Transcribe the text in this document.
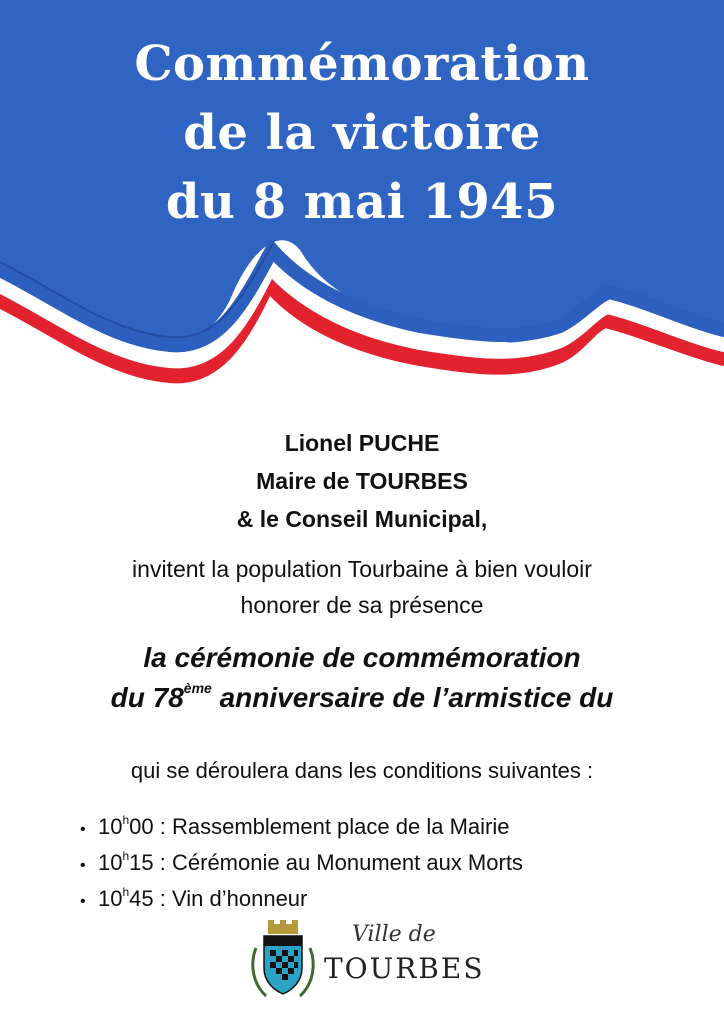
Commémoration
de la victoire
du 8 mai 1945
Lionel PUCHE
Maire de TOURBES
& le Conseil Municipal,
invitent la population Tourbaine à bien vouloir
honorer de sa présence
la cérémonie de commémoration
du 78ème anniversaire de l’armistice du
qui se déroulera dans les conditions suivantes :
• 10$^h$00 : Rassemblement place de la Mairie
• 10$^h$15 : Cérémonie au Monument aux Morts
• 10$^h$45 : Vin d’honneur
Ville de
TOURBES
